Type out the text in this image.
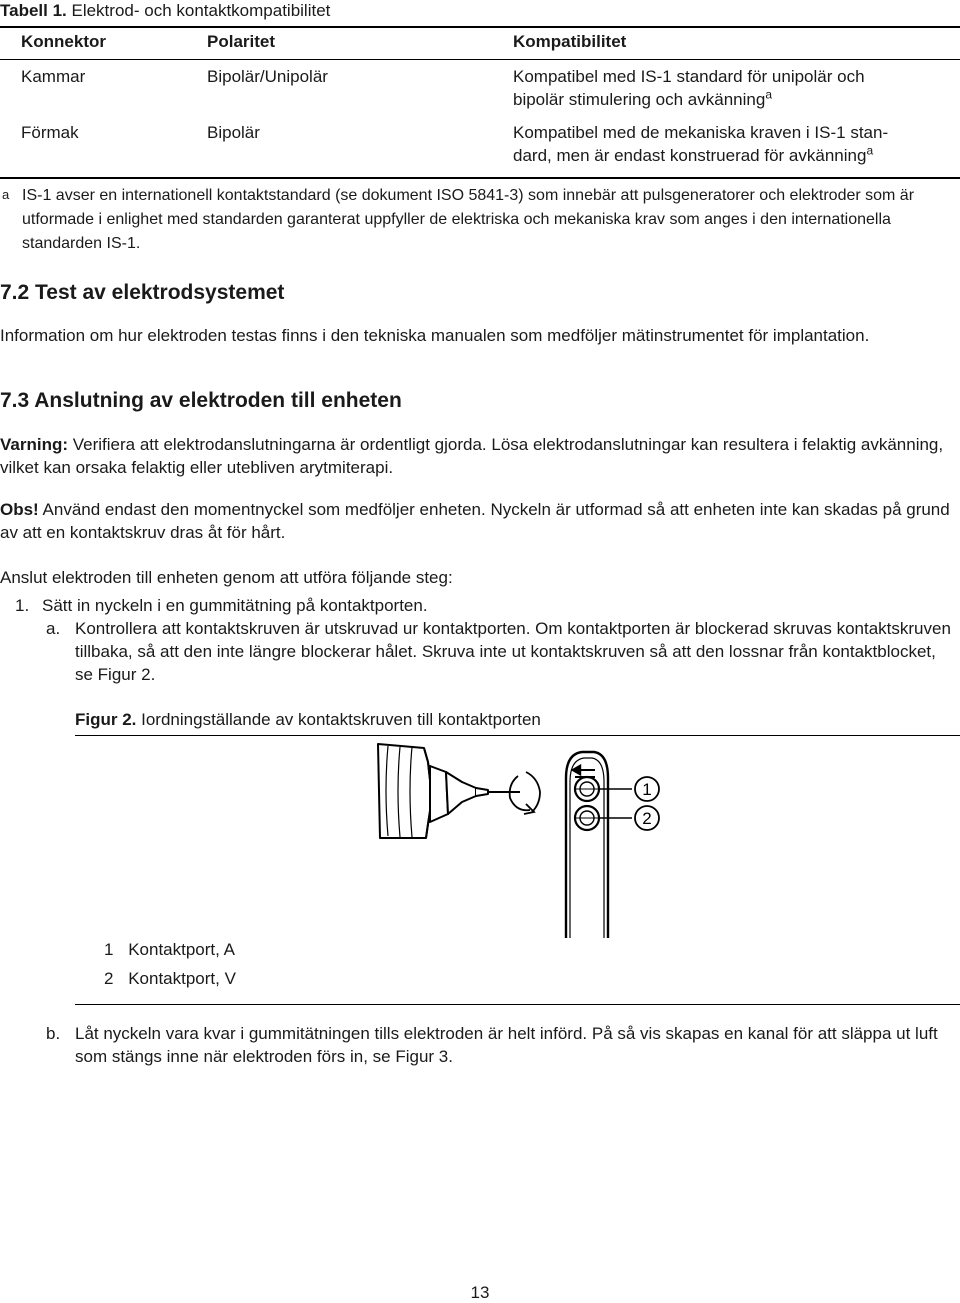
Tabell 1. Elektrod- och kontaktkompatibilitet
Konnektor	Polaritet	Kompatibilitet
Kammar	Bipolär/Unipolär	Kompatibel med IS-1 standard för unipolär och
bipolär stimulering och avkänning$^a$
Förmak	Bipolär	Kompatibel med de mekaniska kraven i IS-1 stan-
dard, men är endast konstruerad för avkänning$^a$
a IS-1 avser en internationell kontaktstandard (se dokument ISO 5841-3) som innebär att pulsgeneratorer och elektroder som är utformade i enlighet med standarden garanterat uppfyller de elektriska och mekaniska krav som anges i den internationella standarden IS-1.
7.2 Test av elektrodsystemet
Information om hur elektroden testas finns i den tekniska manualen som medföljer mätinstrumentet för implantation.
7.3 Anslutning av elektroden till enheten
Varning: Verifiera att elektrodanslutningarna är ordentligt gjorda. Lösa elektrodanslutningar kan resultera i felaktig avkänning, vilket kan orsaka felaktig eller utebliven arytmiterapi.
Obs! Använd endast den momentnyckel som medföljer enheten. Nyckeln är utformad så att enheten inte kan skadas på grund av att en kontaktskruv dras åt för hårt.
Anslut elektroden till enheten genom att utföra följande steg:
1. Sätt in nyckeln i en gummitätning på kontaktporten.
a. Kontrollera att kontaktskruven är utskruvad ur kontaktporten. Om kontaktporten är blockerad skruvas kontaktskruven tillbaka, så att den inte längre blockerar hålet. Skruva inte ut kontaktskruven så att den lossnar från kontaktblocket, se Figur 2.
Figur 2. Iordningställande av kontaktskruven till kontaktporten
1
2
1 Kontaktport, A
2 Kontaktport, V
b. Låt nyckeln vara kvar i gummitätningen tills elektroden är helt införd. På så vis skapas en kanal för att släppa ut luft som stängs inne när elektroden förs in, se Figur 3.
13
